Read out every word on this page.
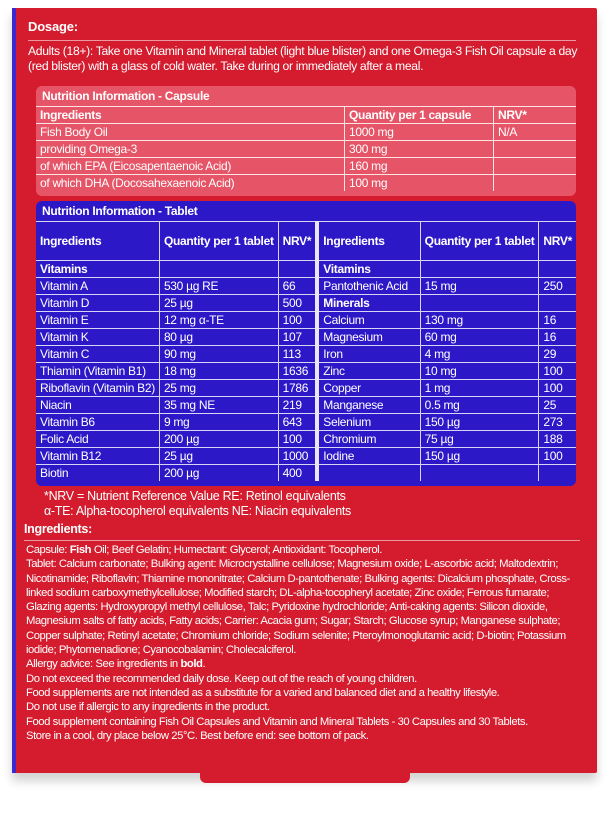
Dosage:
Adults (18+): Take one Vitamin and Mineral tablet (light blue blister) and one Omega-3 Fish Oil capsule a day (red blister) with a glass of cold water. Take during or immediately after a meal.
Nutrition Information - Capsule
Ingredients	Quantity per 1 capsule	NRV*
Fish Body Oil	1000 mg	N/A
providing Omega-3	300 mg	
of which EPA (Eicosapentaenoic Acid)	160 mg	
of which DHA (Docosahexaenoic Acid)	100 mg	
Nutrition Information - Tablet
Ingredients	Quantity per 1 tablet	NRV*
Vitamins		
Vitamin A	530 µg RE	66
Vitamin D	25 µg	500
Vitamin E	12 mg α-TE	100
Vitamin K	80 µg	107
Vitamin C	90 mg	113
Thiamin (Vitamin B1)	18 mg	1636
Riboflavin (Vitamin B2)	25 mg	1786
Niacin	35 mg NE	219
Vitamin B6	9 mg	643
Folic Acid	200 µg	100
Vitamin B12	25 µg	1000
Biotin	200 µg	400
Ingredients	Quantity per 1 tablet	NRV*
Vitamins		
Pantothenic Acid	15 mg	250
Minerals		
Calcium	130 mg	16
Magnesium	60 mg	16
Iron	4 mg	29
Zinc	10 mg	100
Copper	1 mg	100
Manganese	0.5 mg	25
Selenium	150 µg	273
Chromium	75 µg	188
Iodine	150 µg	100

*NRV = Nutrient Reference Value RE: Retinol equivalents
α-TE: Alpha-tocopherol equivalents NE: Niacin equivalents
Ingredients:

Capsule: Fish Oil; Beef Gelatin; Humectant: Glycerol; Antioxidant: Tocopherol.

Tablet: Calcium carbonate; Bulking agent: Microcrystalline cellulose; Magnesium oxide; L-ascorbic acid; Maltodextrin; Nicotinamide; Riboflavin; Thiamine mononitrate; Calcium D-pantothenate; Bulking agents: Dicalcium phosphate, Cross-linked sodium carboxymethylcellulose; Modified starch; DL-alpha-tocopheryl acetate; Zinc oxide; Ferrous fumarate; Glazing agents: Hydroxypropyl methyl cellulose, Talc; Pyridoxine hydrochloride; Anti-caking agents: Silicon dioxide, Magnesium salts of fatty acids, Fatty acids; Carrier: Acacia gum; Sugar; Starch; Glucose syrup; Manganese sulphate; Copper sulphate; Retinyl acetate; Chromium chloride; Sodium selenite; Pteroylmonoglutamic acid; D-biotin; Potassium iodide; Phytomenadione; Cyanocobalamin; Cholecalciferol.

Allergy advice: See ingredients in bold.

Do not exceed the recommended daily dose. Keep out of the reach of young children.

Food supplements are not intended as a substitute for a varied and balanced diet and a healthy lifestyle.

Do not use if allergic to any ingredients in the product.

Food supplement containing Fish Oil Capsules and Vitamin and Mineral Tablets - 30 Capsules and 30 Tablets.

Store in a cool, dry place below 25°C. Best before end: see bottom of pack.
